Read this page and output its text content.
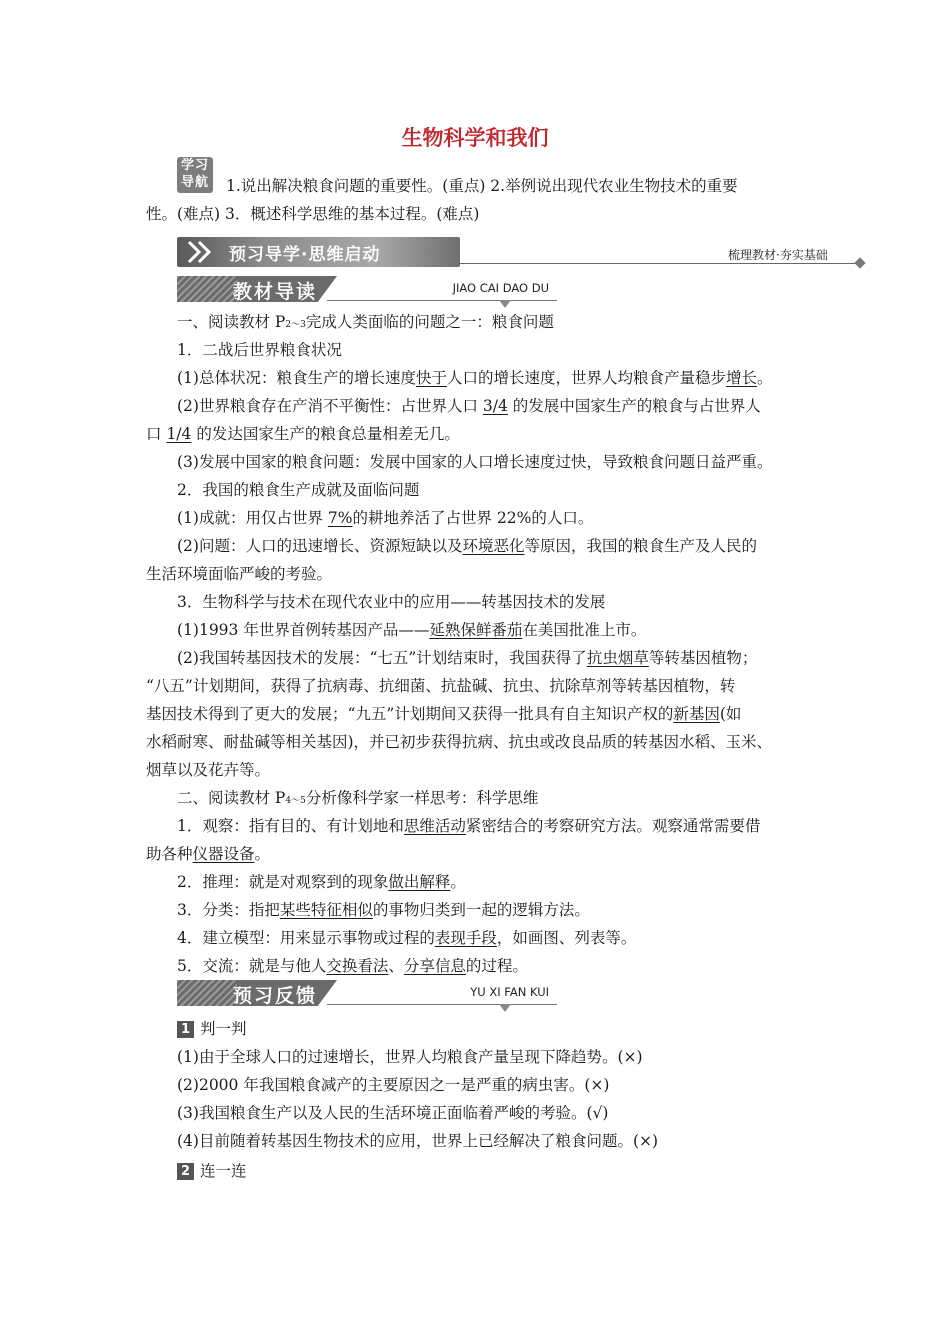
生物科学和我们
学习
导航 1.说出解决粮食问题的重要性。(重点) 2.举例说出现代农业生物技术的重要
性。(难点) 3．概述科学思维的基本过程。(难点)
预习导学·思维启动	梳理教材·夯实基础
教材导读	JIAO CAI DAO DU
一、阅读教材 P2～3完成人类面临的问题之一：粮食问题
1．二战后世界粮食状况
(1)总体状况：粮食生产的增长速度快于人口的增长速度，世界人均粮食产量稳步增长。
(2)世界粮食存在产消不平衡性：占世界人口 3/4 的发展中国家生产的粮食与占世界人
口 1/4 的发达国家生产的粮食总量相差无几。
(3)发展中国家的粮食问题：发展中国家的人口增长速度过快，导致粮食问题日益严重。
2．我国的粮食生产成就及面临问题
(1)成就：用仅占世界 7%的耕地养活了占世界 22%的人口。
(2)问题：人口的迅速增长、资源短缺以及环境恶化等原因，我国的粮食生产及人民的
生活环境面临严峻的考验。
3．生物科学与技术在现代农业中的应用——转基因技术的发展
(1)1993 年世界首例转基因产品——延熟保鲜番茄在美国批准上市。
(2)我国转基因技术的发展：“七五”计划结束时，我国获得了抗虫烟草等转基因植物；
“八五”计划期间，获得了抗病毒、抗细菌、抗盐碱、抗虫、抗除草剂等转基因植物，转
基因技术得到了更大的发展；“九五”计划期间又获得一批具有自主知识产权的新基因(如
水稻耐寒、耐盐碱等相关基因)，并已初步获得抗病、抗虫或改良品质的转基因水稻、玉米、
烟草以及花卉等。
二、阅读教材 P4～5分析像科学家一样思考：科学思维
1．观察：指有目的、有计划地和思维活动紧密结合的考察研究方法。观察通常需要借
助各种仪器设备。
2．推理：就是对观察到的现象做出解释。
3．分类：指把某些特征相似的事物归类到一起的逻辑方法。
4．建立模型：用来显示事物或过程的表现手段，如画图、列表等。
5．交流：就是与他人交换看法、分享信息的过程。
预习反馈	YU XI FAN KUI
1 判一判
(1)由于全球人口的过速增长，世界人均粮食产量呈现下降趋势。(×)
(2)2000 年我国粮食减产的主要原因之一是严重的病虫害。(×)
(3)我国粮食生产以及人民的生活环境正面临着严峻的考验。(√)
(4)目前随着转基因生物技术的应用，世界上已经解决了粮食问题。(×)
2 连一连
